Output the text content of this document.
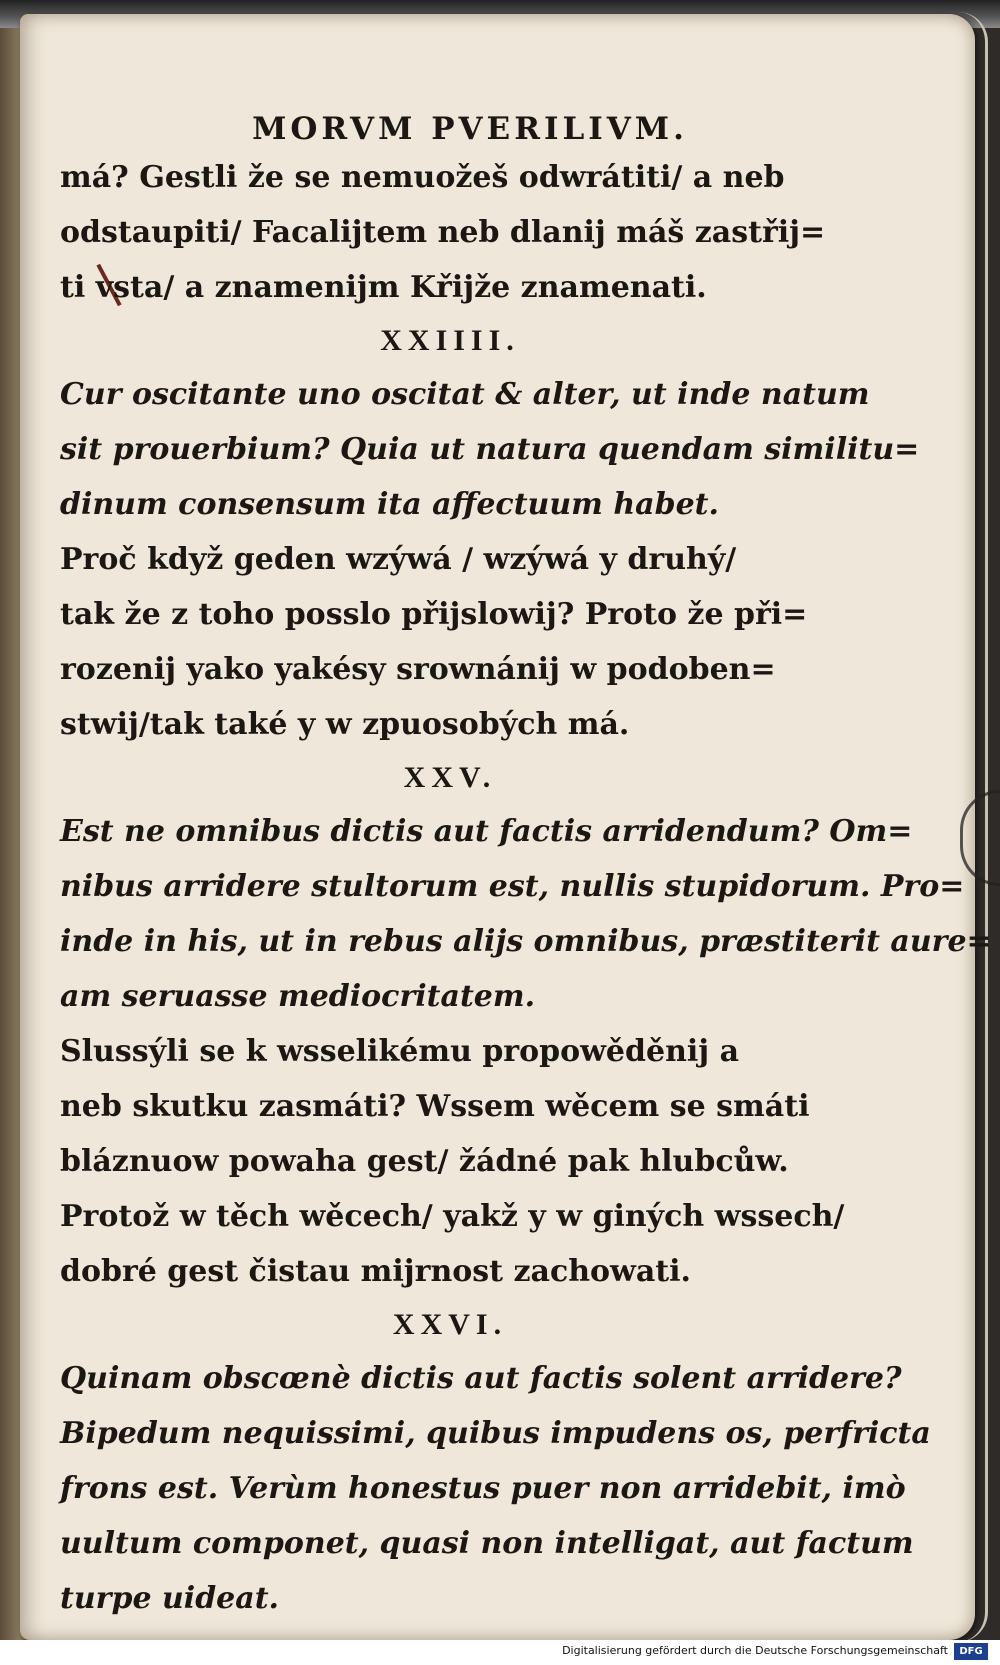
MORVM PVERILIVM.
má? Gestli že se nemuožeš odwrátiti/ a neb
odstaupiti/ Facalijtem neb dlanij máš zastřij=
ti vsta/ a znamenijm Křijže znamenati.
XXIIII.
Cur oscitante uno oscitat & alter, ut inde natum
sit prouerbium? Quia ut natura quendam similitu=
dinum consensum ita affectuum habet.
Proč když geden wzýwá / wzýwá y druhý/
tak že z toho posslo přijslowij? Proto že při=
rozenij yako yakésy srownánij w podoben=
stwij/tak také y w zpuosobých má.
XXV.
Est ne omnibus dictis aut factis arridendum? Om=
nibus arridere stultorum est, nullis stupidorum. Pro=
inde in his, ut in rebus alijs omnibus, præstiterit aure=
am seruasse mediocritatem.
Slussýli se k wsselikému propowěděnij a
neb skutku zasmáti? Wssem wěcem se smáti
bláznuow powaha gest/ žádné pak hlubcůw.
Protož w těch wěcech/ yakž y w giných wssech/
dobré gest čistau mijrnost zachowati.
XXVI.
Quinam obscœnè dictis aut factis solent arridere?
Bipedum nequissimi, quibus impudens os, perfricta
frons est. Verùm honestus puer non arridebit, imò
uultum componet, quasi non intelligat, aut factum
turpe uideat.
Digitalisierung gefördert durch die Deutsche Forschungsgemeinschaft	DFG
